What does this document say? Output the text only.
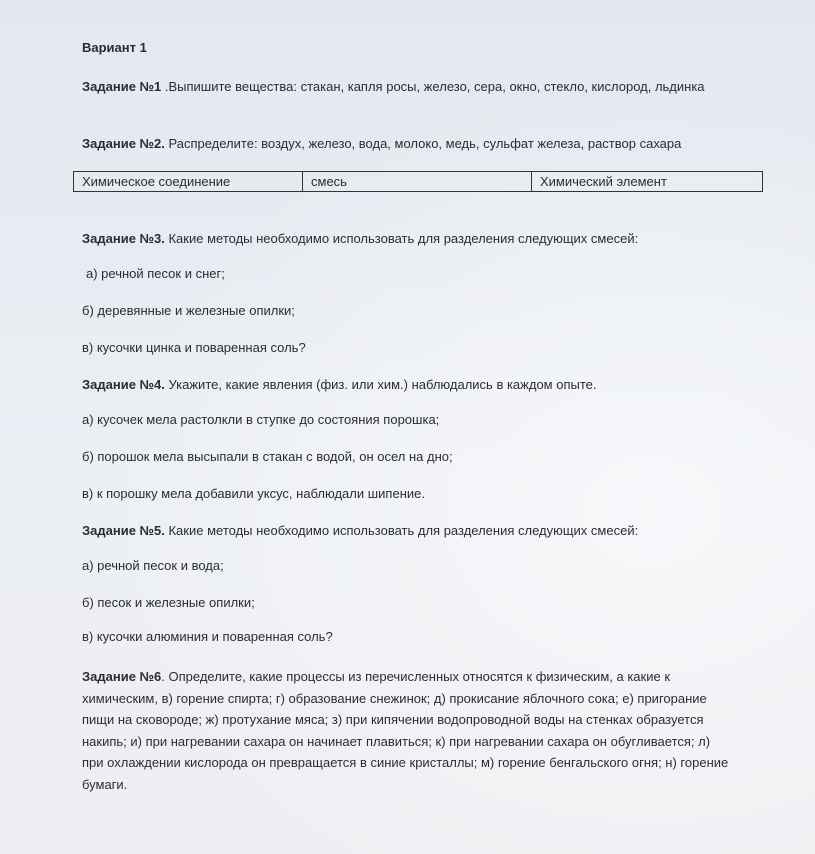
Вариант 1
Задание №1 .Выпишите вещества: стакан, капля росы, железо, сера, окно, стекло, кислород, льдинка
Задание №2. Распределите: воздух, железо, вода, молоко, медь, сульфат железа, раствор сахара
Химическое соединение	смесь	Химический элемент
Задание №3. Какие методы необходимо использовать для разделения следующих смесей:
а) речной песок и снег;
б) деревянные и железные опилки;
в) кусочки цинка и поваренная соль?
Задание №4. Укажите, какие явления (физ. или хим.) наблюдались в каждом опыте.
а) кусочек мела растолкли в ступке до состояния порошка;
б) порошок мела высыпали в стакан с водой, он осел на дно;
в) к порошку мела добавили уксус, наблюдали шипение.
Задание №5. Какие методы необходимо использовать для разделения следующих смесей:
а) речной песок и вода;
б) песок и железные опилки;
в) кусочки алюминия и поваренная соль?
Задание №6. Определите, какие процессы из перечисленных относятся к физическим, а какие к химическим, в) горение спирта; г) образование снежинок; д) прокисание яблочного сока; е) пригорание пищи на сковороде; ж) протухание мяса; з) при кипячении водопроводной воды на стенках образуется накипь; и) при нагревании сахара он начинает плавиться; к) при нагревании сахара он обугливается; л) при охлаждении кислорода он превращается в синие кристаллы; м) горение бенгальского огня; н) горение бумаги.
